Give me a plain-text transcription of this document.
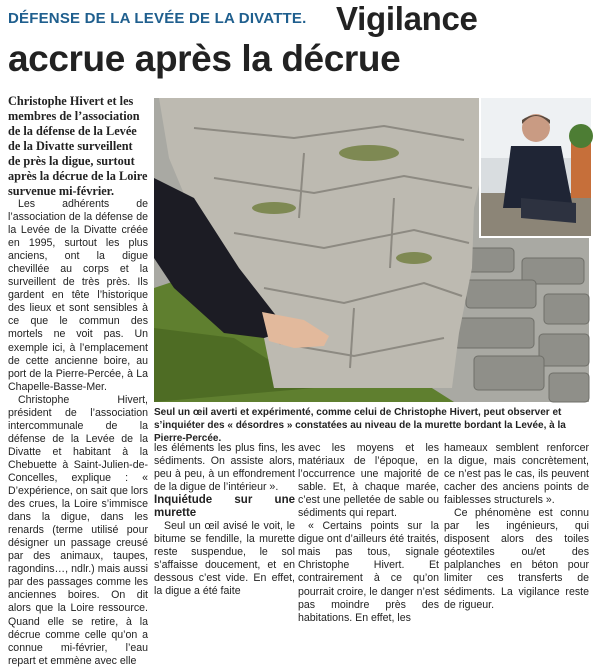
DÉFENSE DE LA LEVÉE DE LA DIVATTE. Vigilance
accrue après la décrue

Christophe Hivert et les membres de l’association de la défense de la Levée de la Divatte surveillent de près la digue, surtout après la décrue de la Loire survenue mi-février.

Les adhérents de l’association de la défense de la Levée de la Divatte créée en 1995, surtout les plus anciens, ont la digue chevillée au corps et la surveillent de très près. Ils gardent en tête l’historique des lieux et sont sensibles à ce que le commun des mortels ne voit pas. Un exemple ici, à l’emplacement de cette ancienne boire, au port de la Pierre-Percée, à La Chapelle-Basse-Mer.

Christophe Hivert, président de l’association intercommunale de la défense de la Levée de la Divatte et habitant à la Chebuette à Saint-Julien-de-Concelles, explique : « D’expérience, on sait que lors des crues, la Loire s’immisce dans la digue, dans les renards (terme utilisé pour désigner un passage creusé par des animaux, taupes, ragondins…, ndlr.) mais aussi par des passages comme les anciennes boires. On dit alors que la Loire ressource. Quand elle se retire, à la décrue comme celle qu’on a connue mi-février, l’eau repart et emmène avec elle

Seul un œil averti et expérimenté, comme celui de Christophe Hivert, peut observer et s’inquiéter des « désordres » constatées au niveau de la murette bordant la Levée, à la Pierre-Percée.

les éléments les plus fins, les sédiments. On assiste alors, peu à peu, à un effondrement de la digue de l’intérieur ».

Inquiétude sur une murette

Seul un œil avisé le voit, le bitume se fendille, la murette reste suspendue, le sol s’affaisse doucement, et en dessous c’est vide. En effet, la digue a été faite

avec les moyens et les matériaux de l’époque, en l’occurrence une majorité de sable. Et, à chaque marée, c’est une pelletée de sable ou sédiments qui repart.

« Certains points sur la digue ont d’ailleurs été traités, mais pas tous, signale Christophe Hivert. Et contrairement à ce qu’on pourrait croire, le danger n’est pas moindre près des habitations. En effet, les

hameaux semblent renforcer la digue, mais concrètement, ce n’est pas le cas, ils peuvent cacher des anciens points de faiblesses structurels ».

Ce phénomène est connu par les ingénieurs, qui disposent alors des toiles géotextiles ou/et des palplanches en béton pour limiter ces transferts de sédiments. La vigilance reste de rigueur.
